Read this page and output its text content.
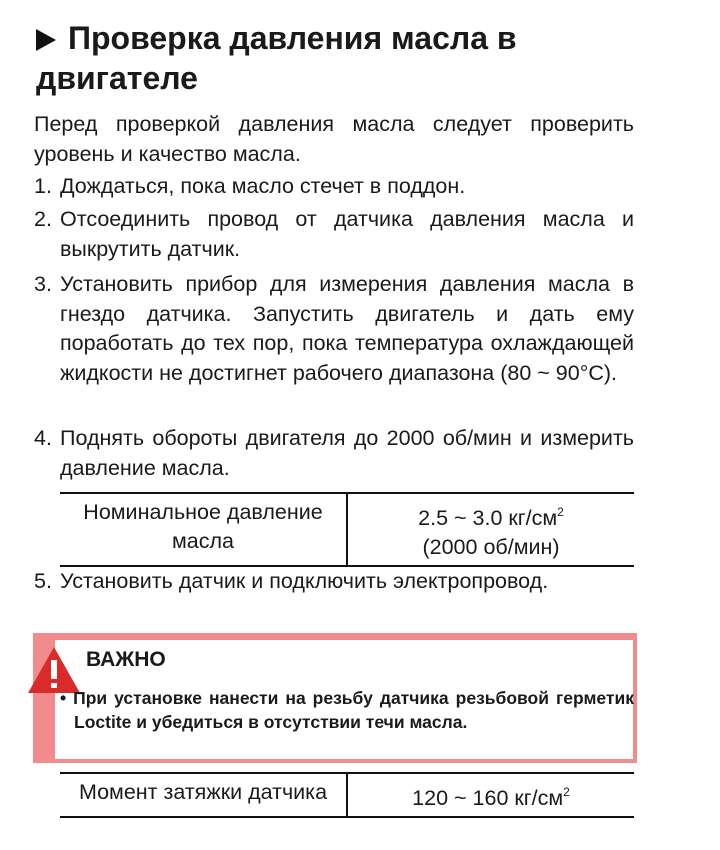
Проверка давления масла в двигателе
Перед проверкой давления масла следует проверить уровень и качество масла.
1. Дождаться, пока масло стечет в поддон.
2. Отсоединить провод от датчика давления масла и выкрутить датчик.
3. Установить прибор для измерения давления масла в гнездо датчика. Запустить двигатель и дать ему поработать до тех пор, пока температура охлаждающей жидкости не достигнет рабочего диапазона (80 ~ 90°C).
4. Поднять обороты двигателя до 2000 об/мин и измерить давление масла.
Номинальное давление масла	2.5 ~ 3.0 $кг/см^2$
(2000 об/мин)
5. Установить датчик и подключить электропровод.
ВАЖНО
• При установке нанести на резьбу датчика резьбовой герметик Loctite и убедиться в отсутствии течи масла.
Момент затяжки датчика	120 ~ 160 $кг/см^2$
